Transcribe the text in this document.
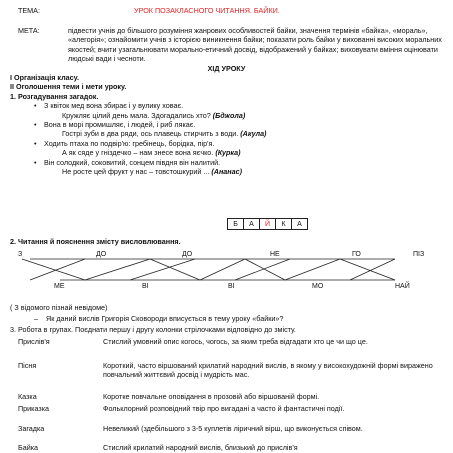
ТЕМА:	УРОК ПОЗАКЛАСНОГО ЧИТАННЯ. БАЙКИ.
МЕТА:	підвести учнів до більшого розуміння жанрових особливостей байки, значення термінів «байка», «мораль», «алегорія»; ознайомити учнів з історією виникнення байки; показати роль байки у вихованні високих моральних якостей; вчити узагальнювати морально-етичний досвід, відображений у байках; виховувати вміння оцінювати людські вади і чесноти.
ХІД УРОКУ
І Організація класу.
ІІ Оголошення теми і мети уроку.
1. Розгадування загадок.
• З квіток мед вона збирає і у вулику ховає.
Кружляє цілий день мала. Здогадались хто? (Бджола)
• Вона в морі промишляє, і людей, і риб лякає.
Гострі зуби в два ряди, ось плавець стирчить з води. (Акула)
• Ходить птаха по подвір'ю: гребінець, борідка, пір'я.
А як сяде у гніздечко – нам знесе вона яєчко. (Курка)
• Він солодкий, соковитий, сонцем півдня він налитий.
Не росте цей фрукт у нас – товстошкурий ... (Ананас)
Б	А	Й	К	А
2. Читання й пояснення змісту висловлювання.
З	ДО	ДО	НЕ	ГО	ПІЗ
МЕ	ВІ	ВІ	МО	НАЙ
( З відомого пізнай невідоме)
–    Як даний вислів Григорія Сковороди вписується в тему уроку «байки»?
3. Робота в групах. Поєднати першу і другу колонки стрілочками відповідно до змісту.
Прислів'я	Стислий умовний опис когось, чогось, за яким треба відгадати хто це чи що це.
Пісня	Короткий, часто віршований крилатий народний вислів, в якому у високохудожній формі виражено повчальний життєвий досвід і мудрість мас.
Казка	Коротке повчальне оповідання в прозовій або віршованій формі.
Приказка	Фольклорний розповідний твір про вигадані а часто й фантастичні події.
Загадка	Невеликий (здебільшого з 3-5 куплетів ліричний вірш, що виконується співом.
Байка	Стислий крилатий народний вислів, близький до прислів'я
